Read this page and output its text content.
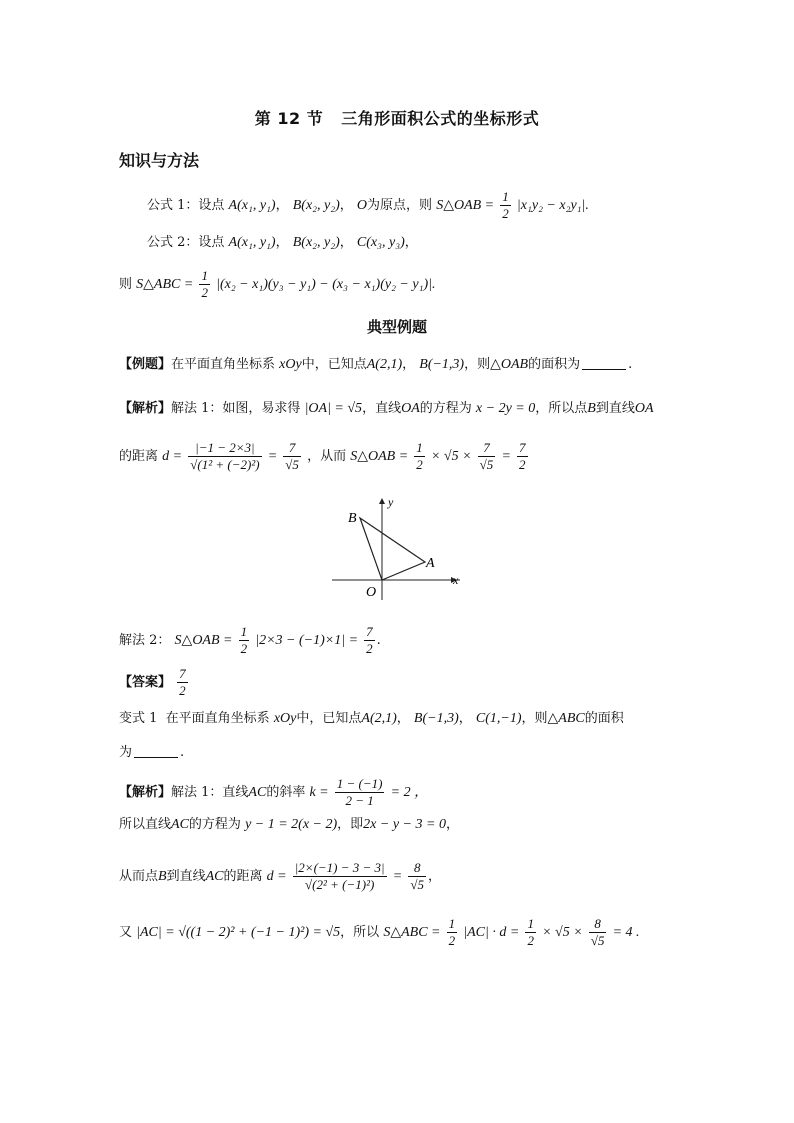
第 12 节 三角形面积公式的坐标形式
知识与方法
公式 1：设点 A(x₁, y₁)， B(x₂, y₂)， O为原点，则 S△OAB = $\frac{1}{2} |x_1y_2 - x_2y_1|$.
公式 2：设点 A(x₁, y₁)， B(x₂, y₂)， C(x₃, y₃)，
则 S△ABC = $\frac{1}{2} |(x_2 - x_1)(y_3 - y_1) - (x_3 - x_1)(y_2 - y_1)|$.
典型例题
【例题】在平面直角坐标系 xOy中，已知点A(2,1)， B(−1,3)，则△OAB的面积为	.
【解析】解法 1：如图，易求得 |OA| = √5，直线OA的方程为 x − 2y = 0，所以点B到直线OA
的距离 $d = \frac{|-1 - 2\times 3|}{\text{√(1² + (−2)²)}} = \frac{7}{√5}$ ，从而 S△OAB = $\frac{1}{2} \times √5 \times \frac{7}{√5} = \frac{7}{2}$
B
A
O
x
y
解法 2： S△OAB = $\frac{1}{2} |2\times 3 - (-1)\times 1| = \frac{7}{2}$ .
【答案】 $\frac{7}{2}$
变式 1 在平面直角坐标系 xOy中，已知点A(2,1)， B(−1,3)， C(1,−1)，则△ABC的面积
为	.
【解析】解法 1：直线AC的斜率 $k = \frac{1 - (-1)}{2 - 1} = 2$ ，
所以直线AC的方程为 y − 1 = 2(x − 2)，即2x − y − 3 = 0，
从而点B到直线AC的距离 $d = \frac{|2\times(-1) - 3 - 3|}{\text{√(2² + (−1)²)}} = \frac{8}{√5}$ ，
又 |AC| = √((1 − 2)² + (−1 − 1)²) = √5，所以 S△ABC = $\frac{1}{2} |AC| \cdot d = \frac{1}{2} \times √5 \times \frac{8}{√5} = 4$ .
